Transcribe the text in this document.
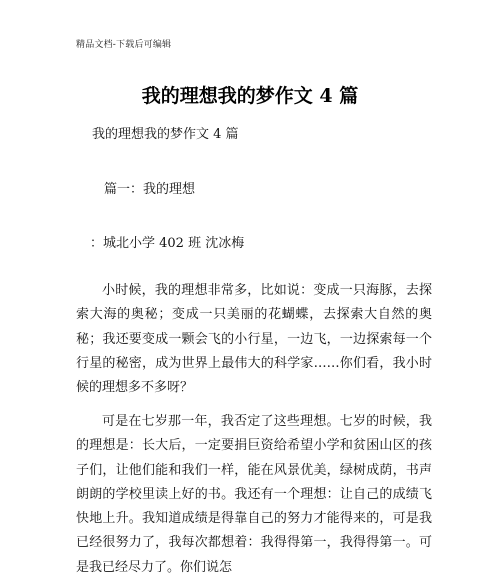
精品文档-下载后可编辑
我的理想我的梦作文 4 篇
我的理想我的梦作文 4 篇
篇一：我的理想
：城北小学 402 班 沈冰梅

小时候，我的理想非常多，比如说：变成一只海豚，去探索大海的奥秘；变成一只美丽的花蝴蝶，去探索大自然的奥秘；我还要变成一颗会飞的小行星，一边飞，一边探索每一个行星的秘密，成为世界上最伟大的科学家……你们看，我小时候的理想多不多呀？

可是在七岁那一年，我否定了这些理想。七岁的时候，我的理想是：长大后，一定要捐巨资给希望小学和贫困山区的孩子们，让他们能和我们一样，能在风景优美，绿树成荫，书声朗朗的学校里读上好的书。我还有一个理想：让自己的成绩飞快地上升。我知道成绩是得靠自己的努力才能得来的，可是我已经很努力了，我每次都想着：我得得第一，我得得第一。可是我已经尽力了。你们说怎
